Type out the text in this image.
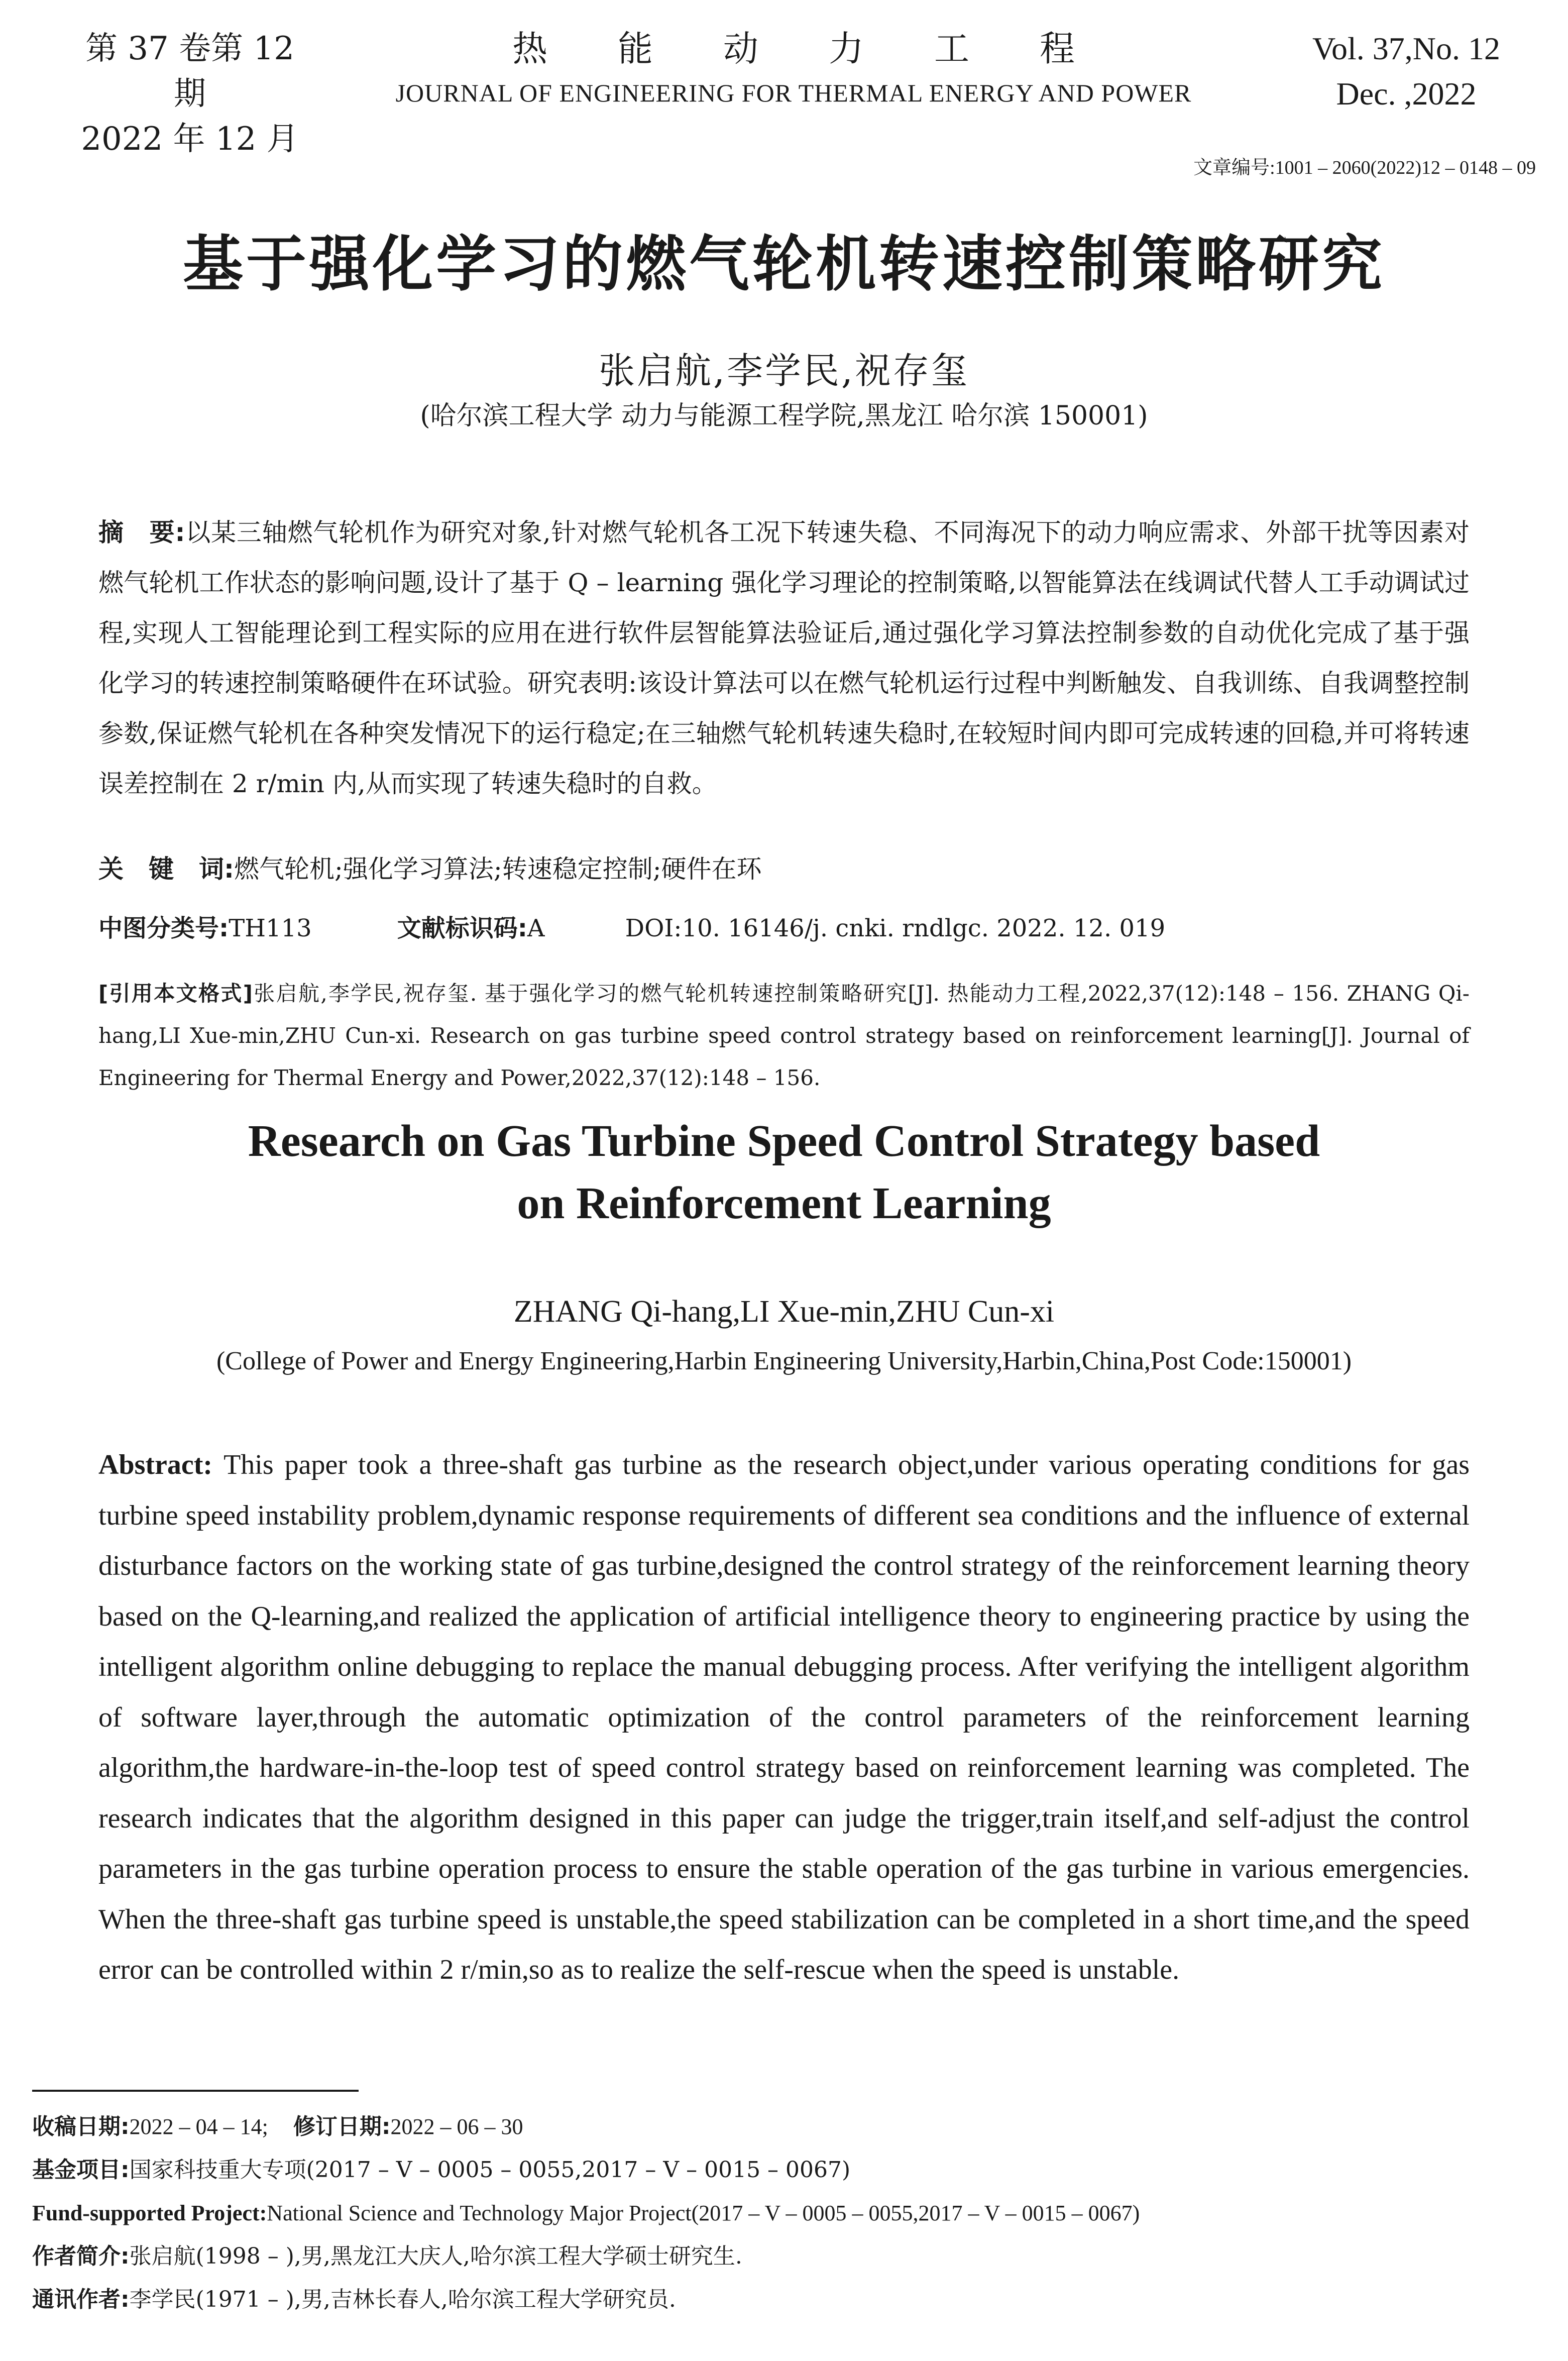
第 37 卷第 12 期
2022 年 12 月
热能动力工程
JOURNAL OF ENGINEERING FOR THERMAL ENERGY AND POWER
Vol. 37,No. 12
Dec. ,2022
文章编号:1001 – 2060(2022)12 – 0148 – 09
基于强化学习的燃气轮机转速控制策略研究
张启航,李学民,祝存玺
(哈尔滨工程大学 动力与能源工程学院,黑龙江 哈尔滨 150001)
摘　要:以某三轴燃气轮机作为研究对象,针对燃气轮机各工况下转速失稳、不同海况下的动力响应需求、外部干扰等因素对燃气轮机工作状态的影响问题,设计了基于 Q – learning 强化学习理论的控制策略,以智能算法在线调试代替人工手动调试过程,实现人工智能理论到工程实际的应用在进行软件层智能算法验证后,通过强化学习算法控制参数的自动优化完成了基于强化学习的转速控制策略硬件在环试验。研究表明:该设计算法可以在燃气轮机运行过程中判断触发、自我训练、自我调整控制参数,保证燃气轮机在各种突发情况下的运行稳定;在三轴燃气轮机转速失稳时,在较短时间内即可完成转速的回稳,并可将转速误差控制在 2 r/min 内,从而实现了转速失稳时的自救。
关　键　词:燃气轮机;强化学习算法;转速稳定控制;硬件在环
中图分类号:TH113	文献标识码:A	DOI:10. 16146/j. cnki. rndlgc. 2022. 12. 019
[引用本文格式]张启航,李学民,祝存玺. 基于强化学习的燃气轮机转速控制策略研究[J]. 热能动力工程,2022,37(12):148 – 156. ZHANG Qi-hang,LI Xue-min,ZHU Cun-xi. Research on gas turbine speed control strategy based on reinforcement learning[J]. Journal of Engineering for Thermal Energy and Power,2022,37(12):148 – 156.
Research on Gas Turbine Speed Control Strategy based
on Reinforcement Learning
ZHANG Qi-hang,LI Xue-min,ZHU Cun-xi
(College of Power and Energy Engineering,Harbin Engineering University,Harbin,China,Post Code:150001)
Abstract: This paper took a three-shaft gas turbine as the research object,under various operating conditions for gas turbine speed instability problem,dynamic response requirements of different sea conditions and the influence of external disturbance factors on the working state of gas turbine,designed the control strategy of the reinforcement learning theory based on the Q-learning,and realized the application of artificial intelligence theory to engineering practice by using the intelligent algorithm online debugging to replace the manual debugging process. After verifying the intelligent algorithm of software layer,through the automatic optimization of the control parameters of the reinforcement learning algorithm,the hardware-in-the-loop test of speed control strategy based on reinforcement learning was completed. The research indicates that the algorithm designed in this paper can judge the trigger,train itself,and self-adjust the control parameters in the gas turbine operation process to ensure the stable operation of the gas turbine in various emergencies. When the three-shaft gas turbine speed is unstable,the speed stabilization can be completed in a short time,and the speed error can be controlled within 2 r/min,so as to realize the self-rescue when the speed is unstable.
收稿日期:2022 – 04 – 14; 修订日期:2022 – 06 – 30
基金项目:国家科技重大专项(2017 – V – 0005 – 0055,2017 – V – 0015 – 0067)
Fund-supported Project:National Science and Technology Major Project(2017 – V – 0005 – 0055,2017 – V – 0015 – 0067)
作者简介:张启航(1998 – ),男,黑龙江大庆人,哈尔滨工程大学硕士研究生.
通讯作者:李学民(1971 – ),男,吉林长春人,哈尔滨工程大学研究员.
